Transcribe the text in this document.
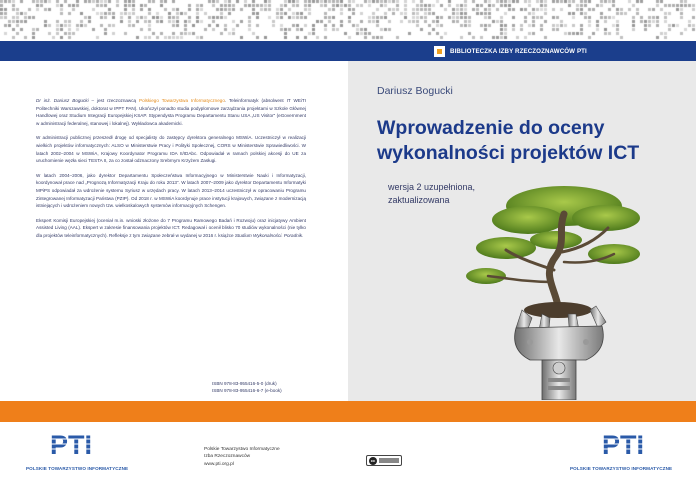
BIBLIOTECZKA IZBY RZECZOZNAWCÓW PTI

Dr inż. Dariusz Bogucki – jest rzeczoznawcą Polskiego Towarzystwa Informatycznego. Teleinformatyk (absolwent IT WEiTI Politechniki Warszawskiej, doktorat w IPPT PAN). Ukończył ponadto studia podyplomowe zarządzania projektami w Szkole Głównej Handlowej oraz Studium Integracji Europejskiej KSAP. Stypendysta Programu Departamentu Stanu USA „US Visitor” (eGovernment w administracji federalnej, stanowej i lokalnej). Wykładowca akademicki.

W administracji publicznej przeszedł drogę od specjalisty do zastępcy dyrektora generalnego MSWiA. Uczestniczył w realizacji wielkich projektów informatycznych: ALSO w Ministerstwie Pracy i Polityki Społecznej, CORS w Ministerstwie Sprawiedliwości. W latach 2002–2004 w MSWiA, Krajowy Koordynator Programu IDA II/IDAbc. Odpowiadał w ramach polskiej akcesji do UE za uruchomienie węzła sieci TESTA II, za co został odznaczony Srebrnym Krzyżem Zasługi.

W latach 2004–2006, jako dyrektor Departamentu Społeczeństwa Informacyjnego w Ministerstwie Nauki i Informatyzacji, koordynował prace nad „Prognozą Informatyzacji Kraju do roku 2013”. W latach 2007–2009 jako dyrektor Departamentu Informatyki MPiPS odpowiadał za wdrożenie systemu Syriusz w urzędach pracy. W latach 2013–2014 uczestniczył w opracowaniu Programu Zintegrowanej Informatyzacji Państwa (PZIP). Od 2018 r. w MSWiA koordynuje prace instytucji krajowych, związane z modernizacją istniejących i wdrożeniem nowych tzw. wielkoskalowych systemów informacyjnych Schengen.

Ekspert Komisji Europejskiej (oceniał m.in. wnioski złożone do 7 Programu Ramowego Badań i Rozwoju) oraz inicjatywy Ambient Assisted Living (AAL). Ekspert w zakresie finansowania projektów ICT. Redagował i ocenił blisko 70 studiów wykonalności (nie tylko dla projektów teleinformatycznych). Refleksje z tym związane zebrał w wydanej w 2016 r. książce Studium Wykonalności. Poradnik.

ISBN 978-83-955416-5-0 (druk)
ISBN 978-83-955416-6-7 (e-book)
Dariusz Bogucki
Wprowadzenie do oceny
wykonalności projektów ICT
wersja 2 uzupełniona,
zaktualizowana
PTI
POLSKIE TOWARZYSTWO INFORMATYCZNE
Polskie Towarzystwo Informatyczne
Izba Rzeczoznawców
www.pti.org.pl
cc
PTI
POLSKIE TOWARZYSTWO INFORMATYCZNE
